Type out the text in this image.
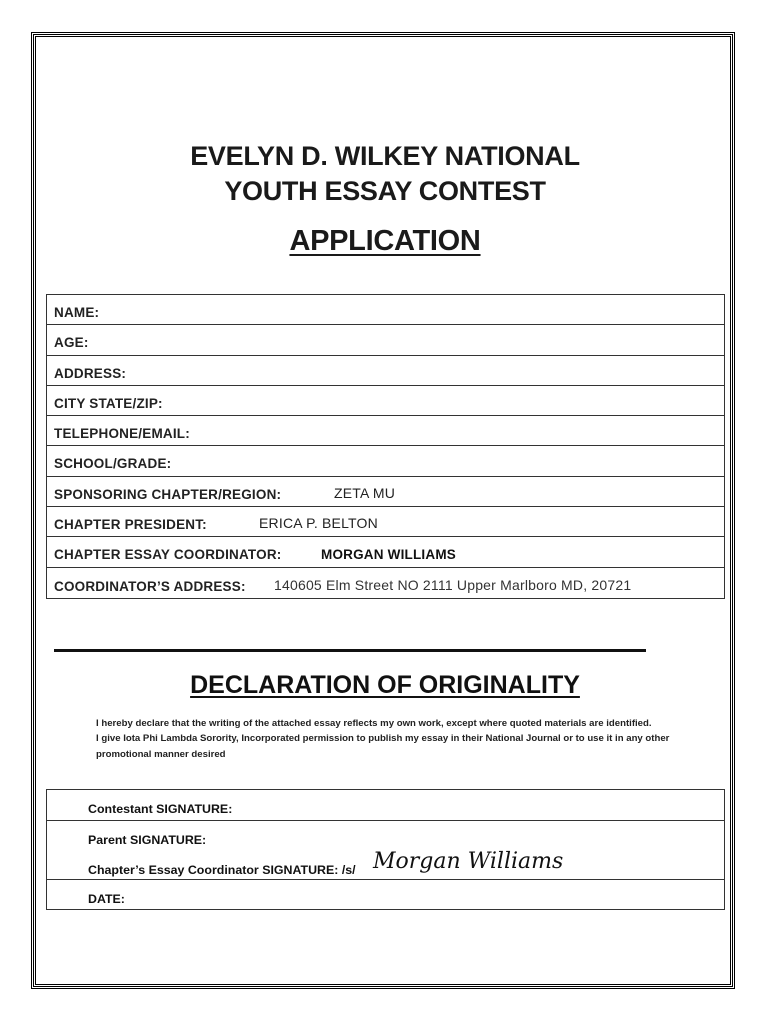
EVELYN D. WILKEY NATIONAL
YOUTH ESSAY CONTEST
APPLICATION
NAME:
AGE:
ADDRESS:
CITY STATE/ZIP:
TELEPHONE/EMAIL:
SCHOOL/GRADE:
SPONSORING CHAPTER/REGION:	ZETA MU
CHAPTER PRESIDENT:	ERICA P. BELTON
CHAPTER ESSAY COORDINATOR:	MORGAN WILLIAMS
COORDINATOR’S ADDRESS: 140605 Elm Street NO 2111 Upper Marlboro MD, 20721
DECLARATION OF ORIGINALITY

I hereby declare that the writing of the attached essay reflects my own work, except where quoted materials are identified.

I give Iota Phi Lambda Sorority, Incorporated permission to publish my essay in their National Journal or to use it in any other

promotional manner desired

Contestant SIGNATURE:
Parent SIGNATURE:
Chapter’s Essay Coordinator SIGNATURE: /s/ Morgan Williams
DATE:
